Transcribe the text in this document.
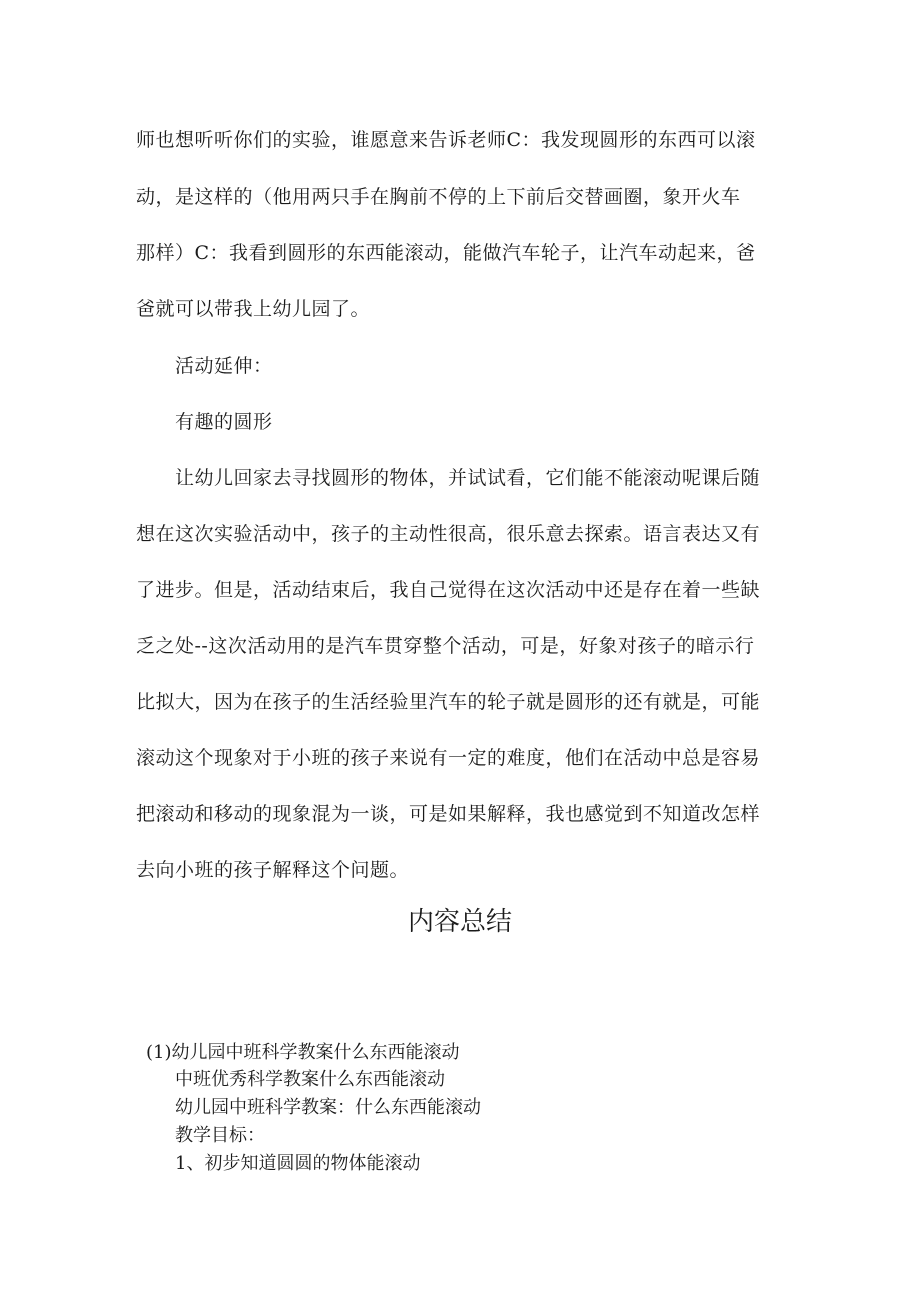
师也想听听你们的实验，谁愿意来告诉老师C：我发现圆形的东西可以滚
动，是这样的（他用两只手在胸前不停的上下前后交替画圈，象开火车
那样）C：我看到圆形的东西能滚动，能做汽车轮子，让汽车动起来，爸
爸就可以带我上幼儿园了。
活动延伸：
有趣的圆形
让幼儿回家去寻找圆形的物体，并试试看，它们能不能滚动呢课后随
想在这次实验活动中，孩子的主动性很高，很乐意去探索。语言表达又有
了进步。但是，活动结束后，我自己觉得在这次活动中还是存在着一些缺
乏之处--这次活动用的是汽车贯穿整个活动，可是，好象对孩子的暗示行
比拟大，因为在孩子的生活经验里汽车的轮子就是圆形的还有就是，可能
滚动这个现象对于小班的孩子来说有一定的难度，他们在活动中总是容易
把滚动和移动的现象混为一谈，可是如果解释，我也感觉到不知道改怎样
去向小班的孩子解释这个问题。
内容总结
(1)幼儿园中班科学教案什么东西能滚动
中班优秀科学教案什么东西能滚动
幼儿园中班科学教案：什么东西能滚动
教学目标：
1、初步知道圆圆的物体能滚动
